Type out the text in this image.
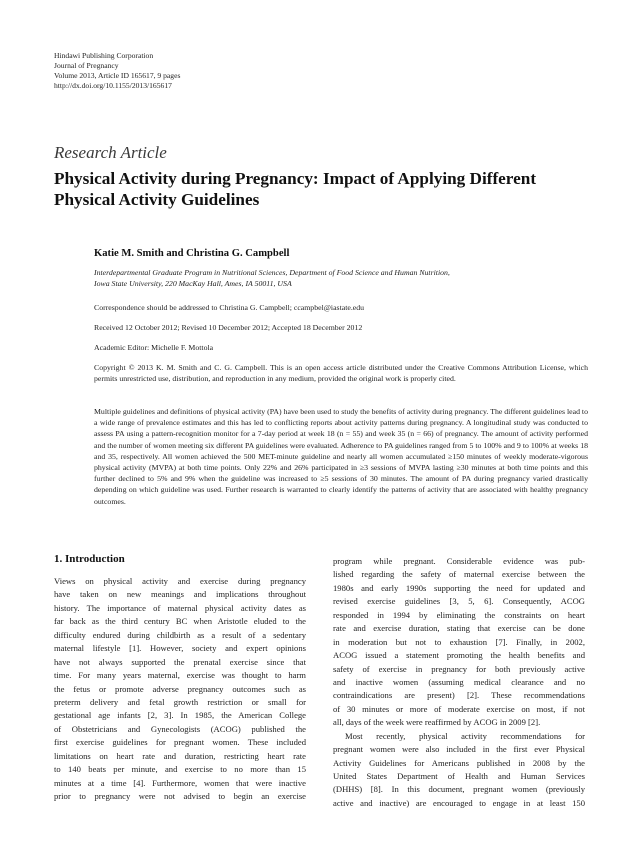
Hindawi Publishing Corporation
Journal of Pregnancy
Volume 2013, Article ID 165617, 9 pages
http://dx.doi.org/10.1155/2013/165617
Research Article
Physical Activity during Pregnancy: Impact of Applying Different
Physical Activity Guidelines
Katie M. Smith and Christina G. Campbell
Interdepartmental Graduate Program in Nutritional Sciences, Department of Food Science and Human Nutrition,
Iowa State University, 220 MacKay Hall, Ames, IA 50011, USA
Correspondence should be addressed to Christina G. Campbell; ccampbel@iastate.edu
Received 12 October 2012; Revised 10 December 2012; Accepted 18 December 2012
Academic Editor: Michelle F. Mottola
Copyright © 2013 K. M. Smith and C. G. Campbell. This is an open access article distributed under the Creative Commons Attribution License, which permits unrestricted use, distribution, and reproduction in any medium, provided the original work is properly cited.

Multiple guidelines and definitions of physical activity (PA) have been used to study the benefits of activity during pregnancy. The different guidelines lead to a wide range of prevalence estimates and this has led to conflicting reports about activity patterns during pregnancy. A longitudinal study was conducted to assess PA using a pattern-recognition monitor for a 7-day period at week 18 (n = 55) and week 35 (n = 66) of pregnancy. The amount of activity performed and the number of women meeting six different PA guidelines were evaluated. Adherence to PA guidelines ranged from 5 to 100% and 9 to 100% at weeks 18 and 35, respectively. All women achieved the 500 MET-minute guideline and nearly all women accumulated ≥150 minutes of weekly moderate-vigorous physical activity (MVPA) at both time points. Only 22% and 26% participated in ≥3 sessions of MVPA lasting ≥30 minutes at both time points and this further declined to 5% and 9% when the guideline was increased to ≥5 sessions of 30 minutes. The amount of PA during pregnancy varied drastically depending on which guideline was used. Further research is warranted to clearly identify the patterns of activity that are associated with healthy pregnancy outcomes.

1. Introduction
Views on physical activity and exercise during pregnancy
have taken on new meanings and implications throughout
history. The importance of maternal physical activity dates as
far back as the third century BC when Aristotle eluded to the
difficulty endured during childbirth as a result of a sedentary
maternal lifestyle [1]. However, society and expert opinions
have not always supported the prenatal exercise since that
time. For many years maternal, exercise was thought to harm
the fetus or promote adverse pregnancy outcomes such as
preterm delivery and fetal growth restriction or small for
gestational age infants [2, 3]. In 1985, the American College
of Obstetricians and Gynecologists (ACOG) published the
first exercise guidelines for pregnant women. These included
limitations on heart rate and duration, restricting heart rate
to 140 beats per minute, and exercise to no more than 15
minutes at a time [4]. Furthermore, women that were inactive
prior to pregnancy were not advised to begin an exercise
program while pregnant. Considerable evidence was pub-
lished regarding the safety of maternal exercise between the
1980s and early 1990s supporting the need for updated and
revised exercise guidelines [3, 5, 6]. Consequently, ACOG
responded in 1994 by eliminating the constraints on heart
rate and exercise duration, stating that exercise can be done
in moderation but not to exhaustion [7]. Finally, in 2002,
ACOG issued a statement promoting the health benefits and
safety of exercise in pregnancy for both previously active
and inactive women (assuming medical clearance and no
contraindications are present) [2]. These recommendations
of 30 minutes or more of moderate exercise on most, if not
all, days of the week were reaffirmed by ACOG in 2009 [2].
Most recently, physical activity recommendations for
pregnant women were also included in the first ever Physical
Activity Guidelines for Americans published in 2008 by the
United States Department of Health and Human Services
(DHHS) [8]. In this document, pregnant women (previously
active and inactive) are encouraged to engage in at least 150
